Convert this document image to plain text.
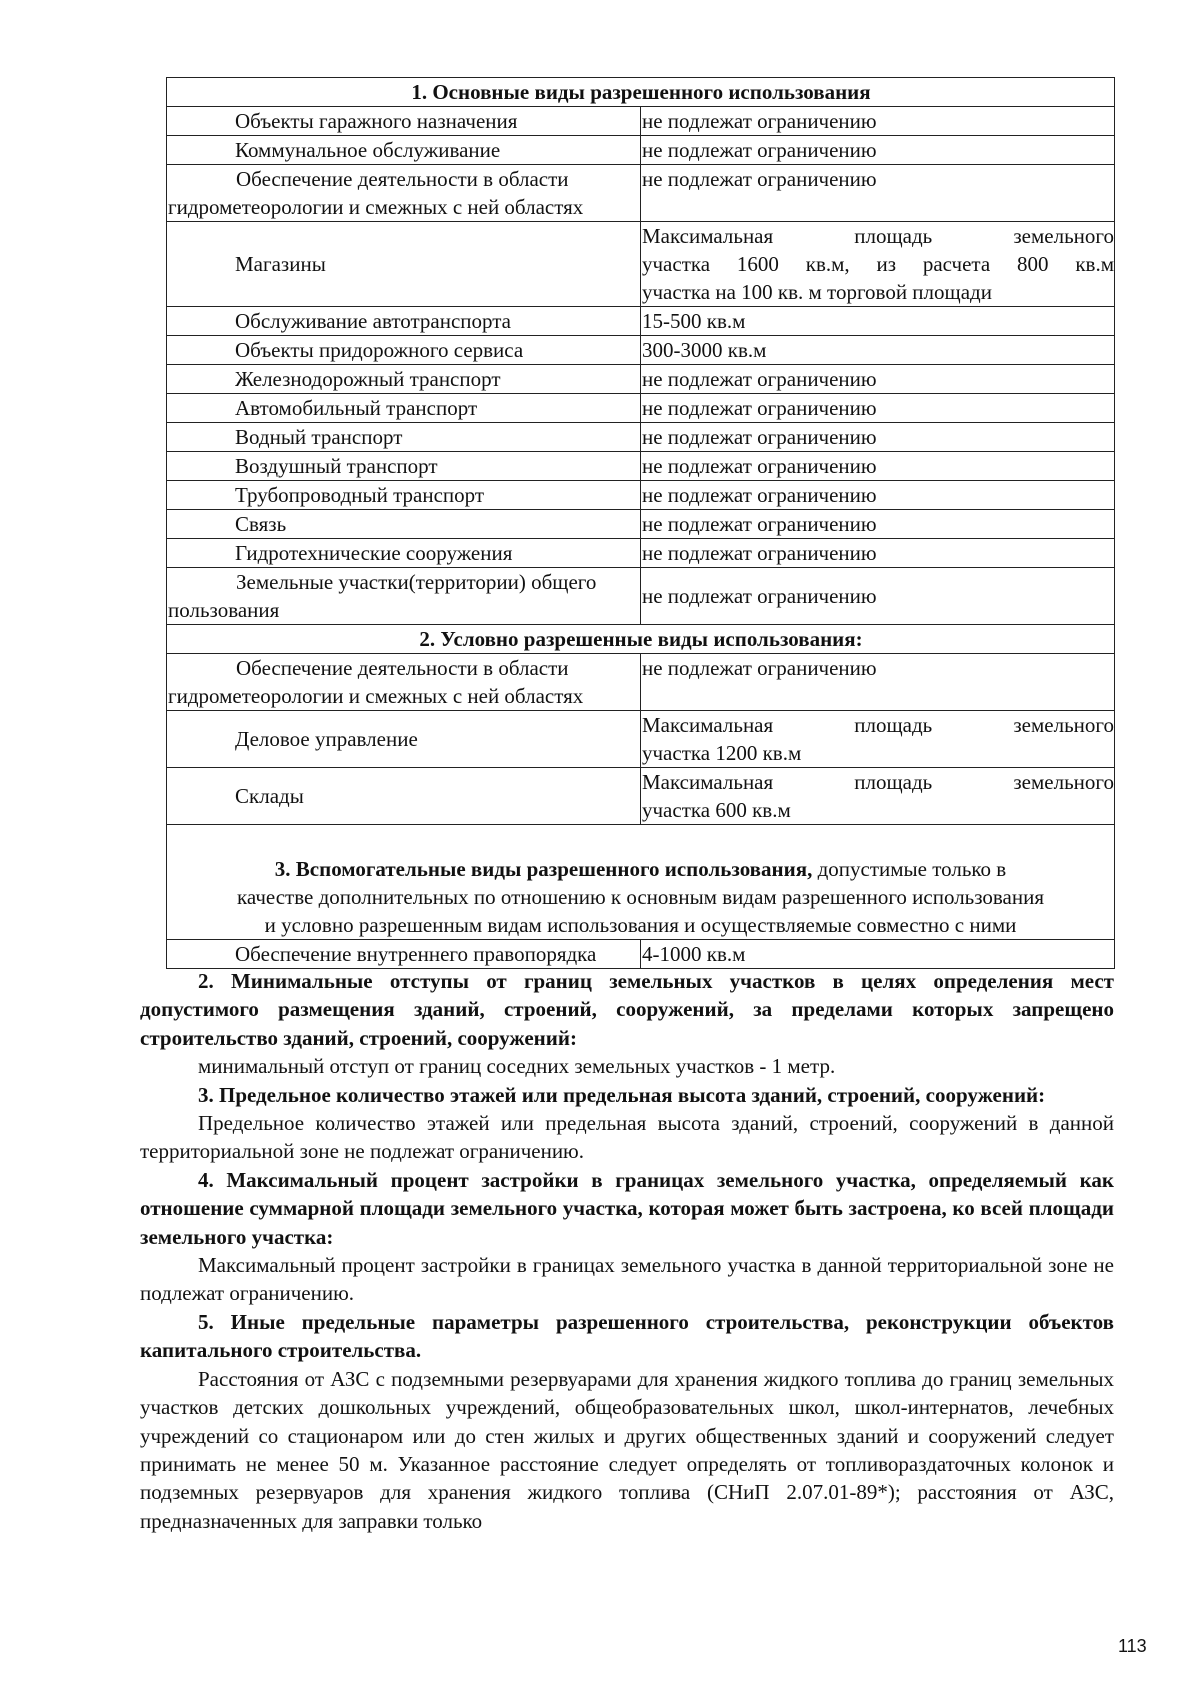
1. Основные виды разрешенного использования	
Объекты гаражного назначения	не подлежат ограничению
Коммунальное обслуживание	не подлежат ограничению

Обеспечение деятельности в области
гидрометеорологии и смежных с ней областях	не подлежат ограничению
Магазины	Максимальная площадь земельного
участка 1600 кв.м, из расчета 800 кв.м
участка на 100 кв. м торговой площади

Обслуживание автотранспорта	15-500 кв.м
Объекты придорожного сервиса	300-3000 кв.м
Железнодорожный транспорт	не подлежат ограничению
Автомобильный транспорт	не подлежат ограничению
Водный транспорт	не подлежат ограничению
Воздушный транспорт	не подлежат ограничению
Трубопроводный транспорт	не подлежат ограничению
Связь	не подлежат ограничению
Гидротехнические сооружения	не подлежат ограничению

Земельные участки(территории) общего
пользования	не подлежат ограничению
2. Условно разрешенные виды использования:	

Обеспечение деятельности в области
гидрометеорологии и смежных с ней областях	не подлежат ограничению
Деловое управление	Максимальная площадь земельного
участка 1200 кв.м

Склады	Максимальная площадь земельного
участка 600 кв.м

3. Вспомогательные виды разрешенного использования, допустимые только в
качестве дополнительных по отношению к основным видам разрешенного использования
и условно разрешенным видам использования и осуществляемые совместно с ними	

Обеспечение внутреннего правопорядка	4-1000 кв.м

2. Минимальные отступы от границ земельных участков в целях определения мест допустимого размещения зданий, строений, сооружений, за пределами которых запрещено строительство зданий, строений, сооружений:

минимальный отступ от границ соседних земельных участков - 1 метр.

3. Предельное количество этажей или предельная высота зданий, строений, сооружений:

Предельное количество этажей или предельная высота зданий, строений, сооружений в данной территориальной зоне не подлежат ограничению.

4. Максимальный процент застройки в границах земельного участка, определяемый как отношение суммарной площади земельного участка, которая может быть застроена, ко всей площади земельного участка:

Максимальный процент застройки в границах земельного участка в данной территориальной зоне не подлежат ограничению.

5. Иные предельные параметры разрешенного строительства, реконструкции объектов капитального строительства.

Расстояния от АЗС с подземными резервуарами для хранения жидкого топлива до границ земельных участков детских дошкольных учреждений, общеобразовательных школ, школ-интернатов, лечебных учреждений со стационаром или до стен жилых и других общественных зданий и сооружений следует принимать не менее 50 м. Указанное расстояние следует определять от топливораздаточных колонок и подземных резервуаров для хранения жидкого топлива (СНиП 2.07.01-89*); расстояния от АЗС, предназначенных для заправки только

113
